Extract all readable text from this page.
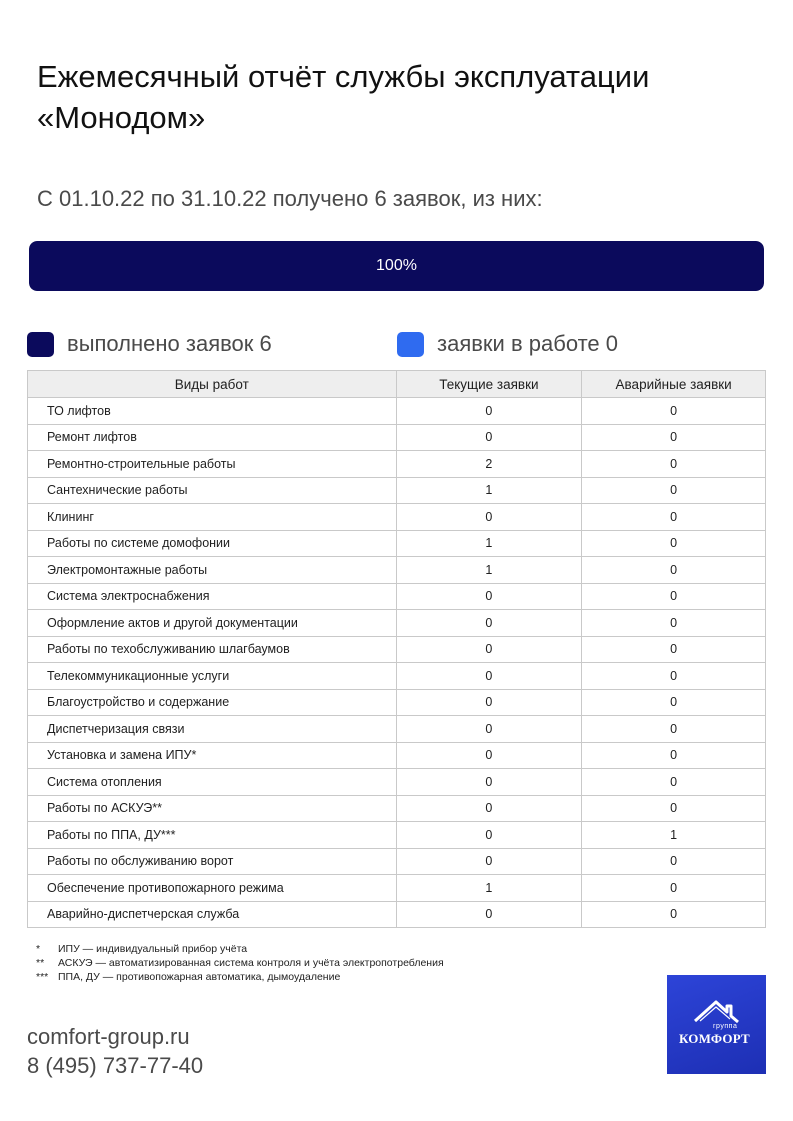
Ежемесячный отчёт службы эксплуатации «Монодом»
С 01.10.22 по 31.10.22 получено 6 заявок, из них:
100%
выполнено заявок 6	заявки в работе 0
Виды работ	Текущие заявки	Аварийные заявки
ТО лифтов	0	0
Ремонт лифтов	0	0
Ремонтно-строительные работы	2	0
Сантехнические работы	1	0
Клининг	0	0
Работы по системе домофонии	1	0
Электромонтажные работы	1	0
Система электроснабжения	0	0
Оформление актов и другой документации	0	0
Работы по техобслуживанию шлагбаумов	0	0
Телекоммуникационные услуги	0	0
Благоустройство и содержание	0	0
Диспетчеризация связи	0	0
Установка и замена ИПУ*	0	0
Система отопления	0	0
Работы по АСКУЭ**	0	0
Работы по ППА, ДУ***	0	1
Работы по обслуживанию ворот	0	0
Обеспечение противопожарного режима	1	0
Аварийно-диспетчерская служба	0	0
*	ИПУ — индивидуальный прибор учёта
**	АСКУЭ — автоматизированная система контроля и учёта электропотребления
*** ППА, ДУ — противопожарная автоматика, дымоудаление
comfort-group.ru
8 (495) 737-77-40
группа
КОМФОРТ
